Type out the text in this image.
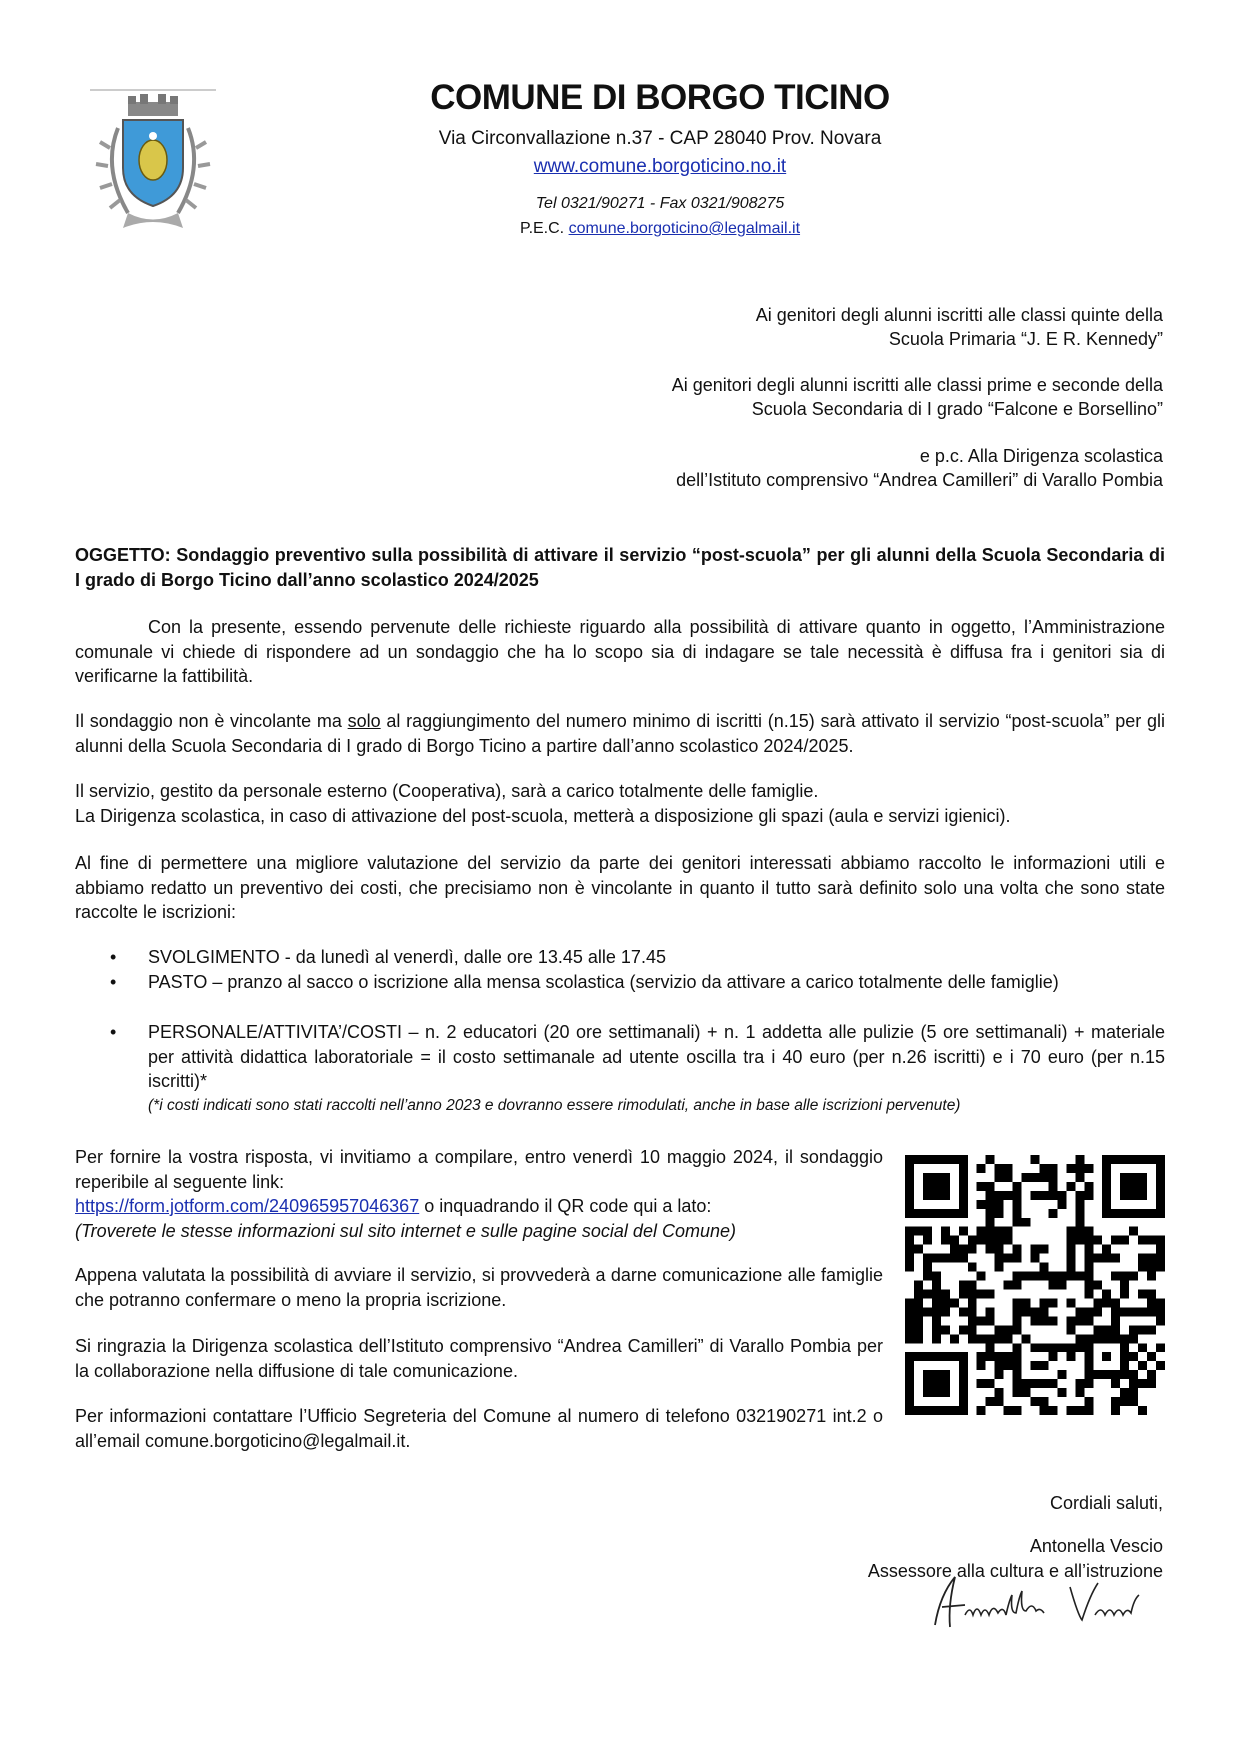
COMUNE DI BORGO TICINO
Via Circonvallazione n.37 - CAP 28040 Prov. Novara
www.comune.borgoticino.no.it
Tel 0321/90271 - Fax 0321/908275
P.E.C. comune.borgoticino@legalmail.it
Ai genitori degli alunni iscritti alle classi quinte della
Scuola Primaria “J. E R. Kennedy”
Ai genitori degli alunni iscritti alle classi prime e seconde della
Scuola Secondaria di I grado “Falcone e Borsellino”
e p.c. Alla Dirigenza scolastica
dell’Istituto comprensivo “Andrea Camilleri” di Varallo Pombia
OGGETTO: Sondaggio preventivo sulla possibilità di attivare il servizio “post-scuola” per gli alunni della Scuola Secondaria di I grado di Borgo Ticino dall’anno scolastico 2024/2025
Con la presente, essendo pervenute delle richieste riguardo alla possibilità di attivare quanto in oggetto, l’Amministrazione comunale vi chiede di rispondere ad un sondaggio che ha lo scopo sia di indagare se tale necessità è diffusa fra i genitori sia di verificarne la fattibilità.
Il sondaggio non è vincolante ma solo al raggiungimento del numero minimo di iscritti (n.15) sarà attivato il servizio “post-scuola” per gli alunni della Scuola Secondaria di I grado di Borgo Ticino a partire dall’anno scolastico 2024/2025.
Il servizio, gestito da personale esterno (Cooperativa), sarà a carico totalmente delle famiglie.
La Dirigenza scolastica, in caso di attivazione del post-scuola, metterà a disposizione gli spazi (aula e servizi igienici).
Al fine di permettere una migliore valutazione del servizio da parte dei genitori interessati abbiamo raccolto le informazioni utili e abbiamo redatto un preventivo dei costi, che precisiamo non è vincolante in quanto il tutto sarà definito solo una volta che sono state raccolte le iscrizioni:
• SVOLGIMENTO - da lunedì al venerdì, dalle ore 13.45 alle 17.45
• PASTO – pranzo al sacco o iscrizione alla mensa scolastica (servizio da attivare a carico totalmente delle famiglie)
• PERSONALE/ATTIVITA’/COSTI – n. 2 educatori (20 ore settimanali) + n. 1 addetta alle pulizie (5 ore settimanali) + materiale per attività didattica laboratoriale = il costo settimanale ad utente oscilla tra i 40 euro (per n.26 iscritti) e i 70 euro (per n.15 iscritti)*
(*i costi indicati sono stati raccolti nell’anno 2023 e dovranno essere rimodulati, anche in base alle iscrizioni pervenute)
Per fornire la vostra risposta, vi invitiamo a compilare, entro venerdì 10 maggio 2024, il sondaggio reperibile al seguente link:
https://form.jotform.com/240965957046367 o inquadrando il QR code qui a lato:
(Troverete le stesse informazioni sul sito internet e sulle pagine social del Comune)
Appena valutata la possibilità di avviare il servizio, si provvederà a darne comunicazione alle famiglie che potranno confermare o meno la propria iscrizione.
Si ringrazia la Dirigenza scolastica dell’Istituto comprensivo “Andrea Camilleri” di Varallo Pombia per la collaborazione nella diffusione di tale comunicazione.
Per informazioni contattare l’Ufficio Segreteria del Comune al numero di telefono 032190271 int.2 o all’email comune.borgoticino@legalmail.it.
Cordiali saluti,
Antonella Vescio
Assessore alla cultura e all’istruzione
